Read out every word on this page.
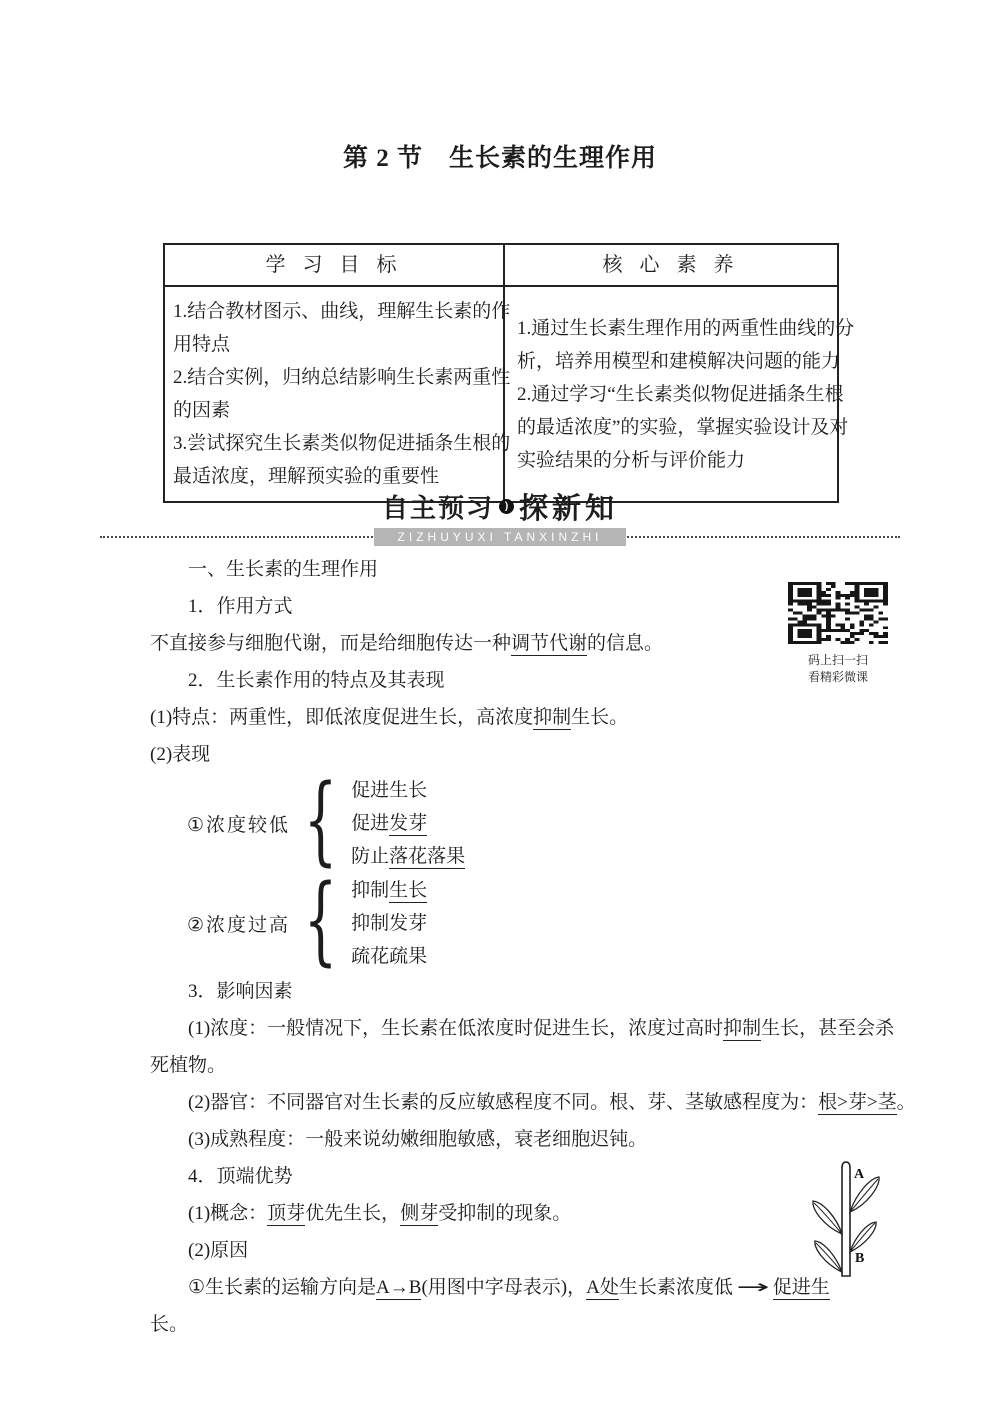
第 2 节　生长素的生理作用
学 习 目 标	核 心 素 养
1.结合教材图示、曲线，理解生长素的作
用特点
2.结合实例，归纳总结影响生长素两重性
的因素
3.尝试探究生长素类似物促进插条生根的
最适浓度，理解预实验的重要性
1.通过生长素生理作用的两重性曲线的分
析，培养用模型和建模解决问题的能力
2.通过学习“生长素类似物促进插条生根
的最适浓度”的实验，掌握实验设计及对
实验结果的分析与评价能力
自主预习	) 探新知
ZIZHUYUXI TANXINZHI
码上扫一扫
看精彩微课
一、生长素的生理作用
1．作用方式
不直接参与细胞代谢，而是给细胞传达一种调节代谢的信息。
2．生长素作用的特点及其表现
(1)特点：两重性，即低浓度促进生长，高浓度抑制生长。
(2)表现
①浓度较低 { 促进生长
促进发芽
防止落花落果
②浓度过高 { 抑制生长
抑制发芽
疏花疏果
3．影响因素
(1)浓度：一般情况下，生长素在低浓度时促进生长，浓度过高时抑制生长，甚至会杀
死植物。
(2)器官：不同器官对生长素的反应敏感程度不同。根、芽、茎敏感程度为：根>芽>茎。
(3)成熟程度：一般来说幼嫩细胞敏感，衰老细胞迟钝。
4．顶端优势
(1)概念：顶芽优先生长，侧芽受抑制的现象。
(2)原因
①生长素的运输方向是A→B(用图中字母表示)，A处生长素浓度低 → 促进生
长。
A
B
